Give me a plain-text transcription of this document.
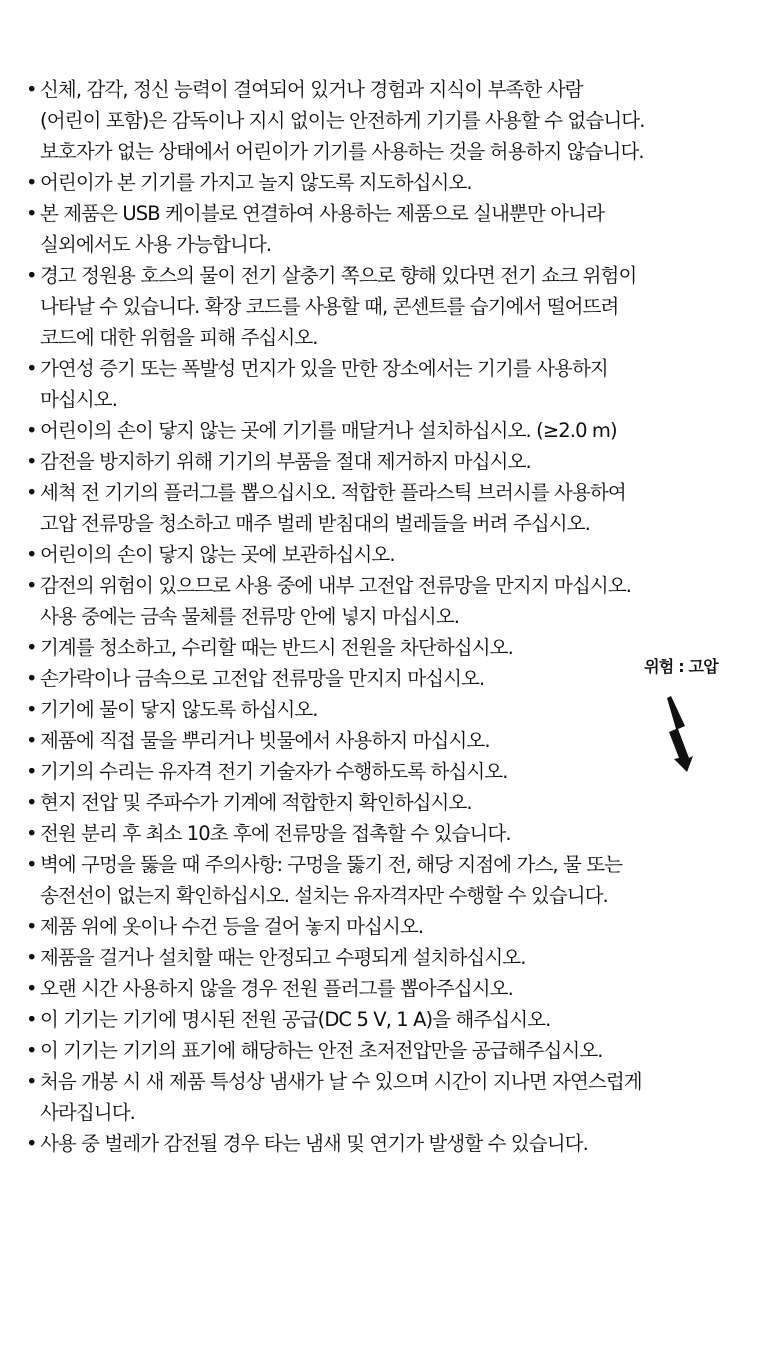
• 신체, 감각, 정신 능력이 결여되어 있거나 경험과 지식이 부족한 사람
(어린이 포함)은 감독이나 지시 없이는 안전하게 기기를 사용할 수 없습니다.
보호자가 없는 상태에서 어린이가 기기를 사용하는 것을 허용하지 않습니다.
• 어린이가 본 기기를 가지고 놀지 않도록 지도하십시오.
• 본 제품은 USB 케이블로 연결하여 사용하는 제품으로 실내뿐만 아니라
실외에서도 사용 가능합니다.
• 경고 정원용 호스의 물이 전기 살충기 쪽으로 향해 있다면 전기 쇼크 위험이
나타날 수 있습니다. 확장 코드를 사용할 때, 콘센트를 습기에서 떨어뜨려
코드에 대한 위험을 피해 주십시오.
• 가연성 증기 또는 폭발성 먼지가 있을 만한 장소에서는 기기를 사용하지
마십시오.
• 어린이의 손이 닿지 않는 곳에 기기를 매달거나 설치하십시오. (≥2.0 m)
• 감전을 방지하기 위해 기기의 부품을 절대 제거하지 마십시오.
• 세척 전 기기의 플러그를 뽑으십시오. 적합한 플라스틱 브러시를 사용하여
고압 전류망을 청소하고 매주 벌레 받침대의 벌레들을 버려 주십시오.
• 어린이의 손이 닿지 않는 곳에 보관하십시오.
• 감전의 위험이 있으므로 사용 중에 내부 고전압 전류망을 만지지 마십시오.
사용 중에는 금속 물체를 전류망 안에 넣지 마십시오.
• 기계를 청소하고, 수리할 때는 반드시 전원을 차단하십시오.
• 손가락이나 금속으로 고전압 전류망을 만지지 마십시오.
• 기기에 물이 닿지 않도록 하십시오.
• 제품에 직접 물을 뿌리거나 빗물에서 사용하지 마십시오.
• 기기의 수리는 유자격 전기 기술자가 수행하도록 하십시오.
• 현지 전압 및 주파수가 기계에 적합한지 확인하십시오.
• 전원 분리 후 최소 10초 후에 전류망을 접촉할 수 있습니다.
• 벽에 구멍을 뚫을 때 주의사항: 구멍을 뚫기 전, 해당 지점에 가스, 물 또는
송전선이 없는지 확인하십시오. 설치는 유자격자만 수행할 수 있습니다.
• 제품 위에 옷이나 수건 등을 걸어 놓지 마십시오.
• 제품을 걸거나 설치할 때는 안정되고 수평되게 설치하십시오.
• 오랜 시간 사용하지 않을 경우 전원 플러그를 뽑아주십시오.
• 이 기기는 기기에 명시된 전원 공급(DC 5 V, 1 A)을 해주십시오.
• 이 기기는 기기의 표기에 해당하는 안전 초저전압만을 공급해주십시오.
• 처음 개봉 시 새 제품 특성상 냄새가 날 수 있으며 시간이 지나면 자연스럽게
사라집니다.
• 사용 중 벌레가 감전될 경우 타는 냄새 및 연기가 발생할 수 있습니다.
위험 : 고압
